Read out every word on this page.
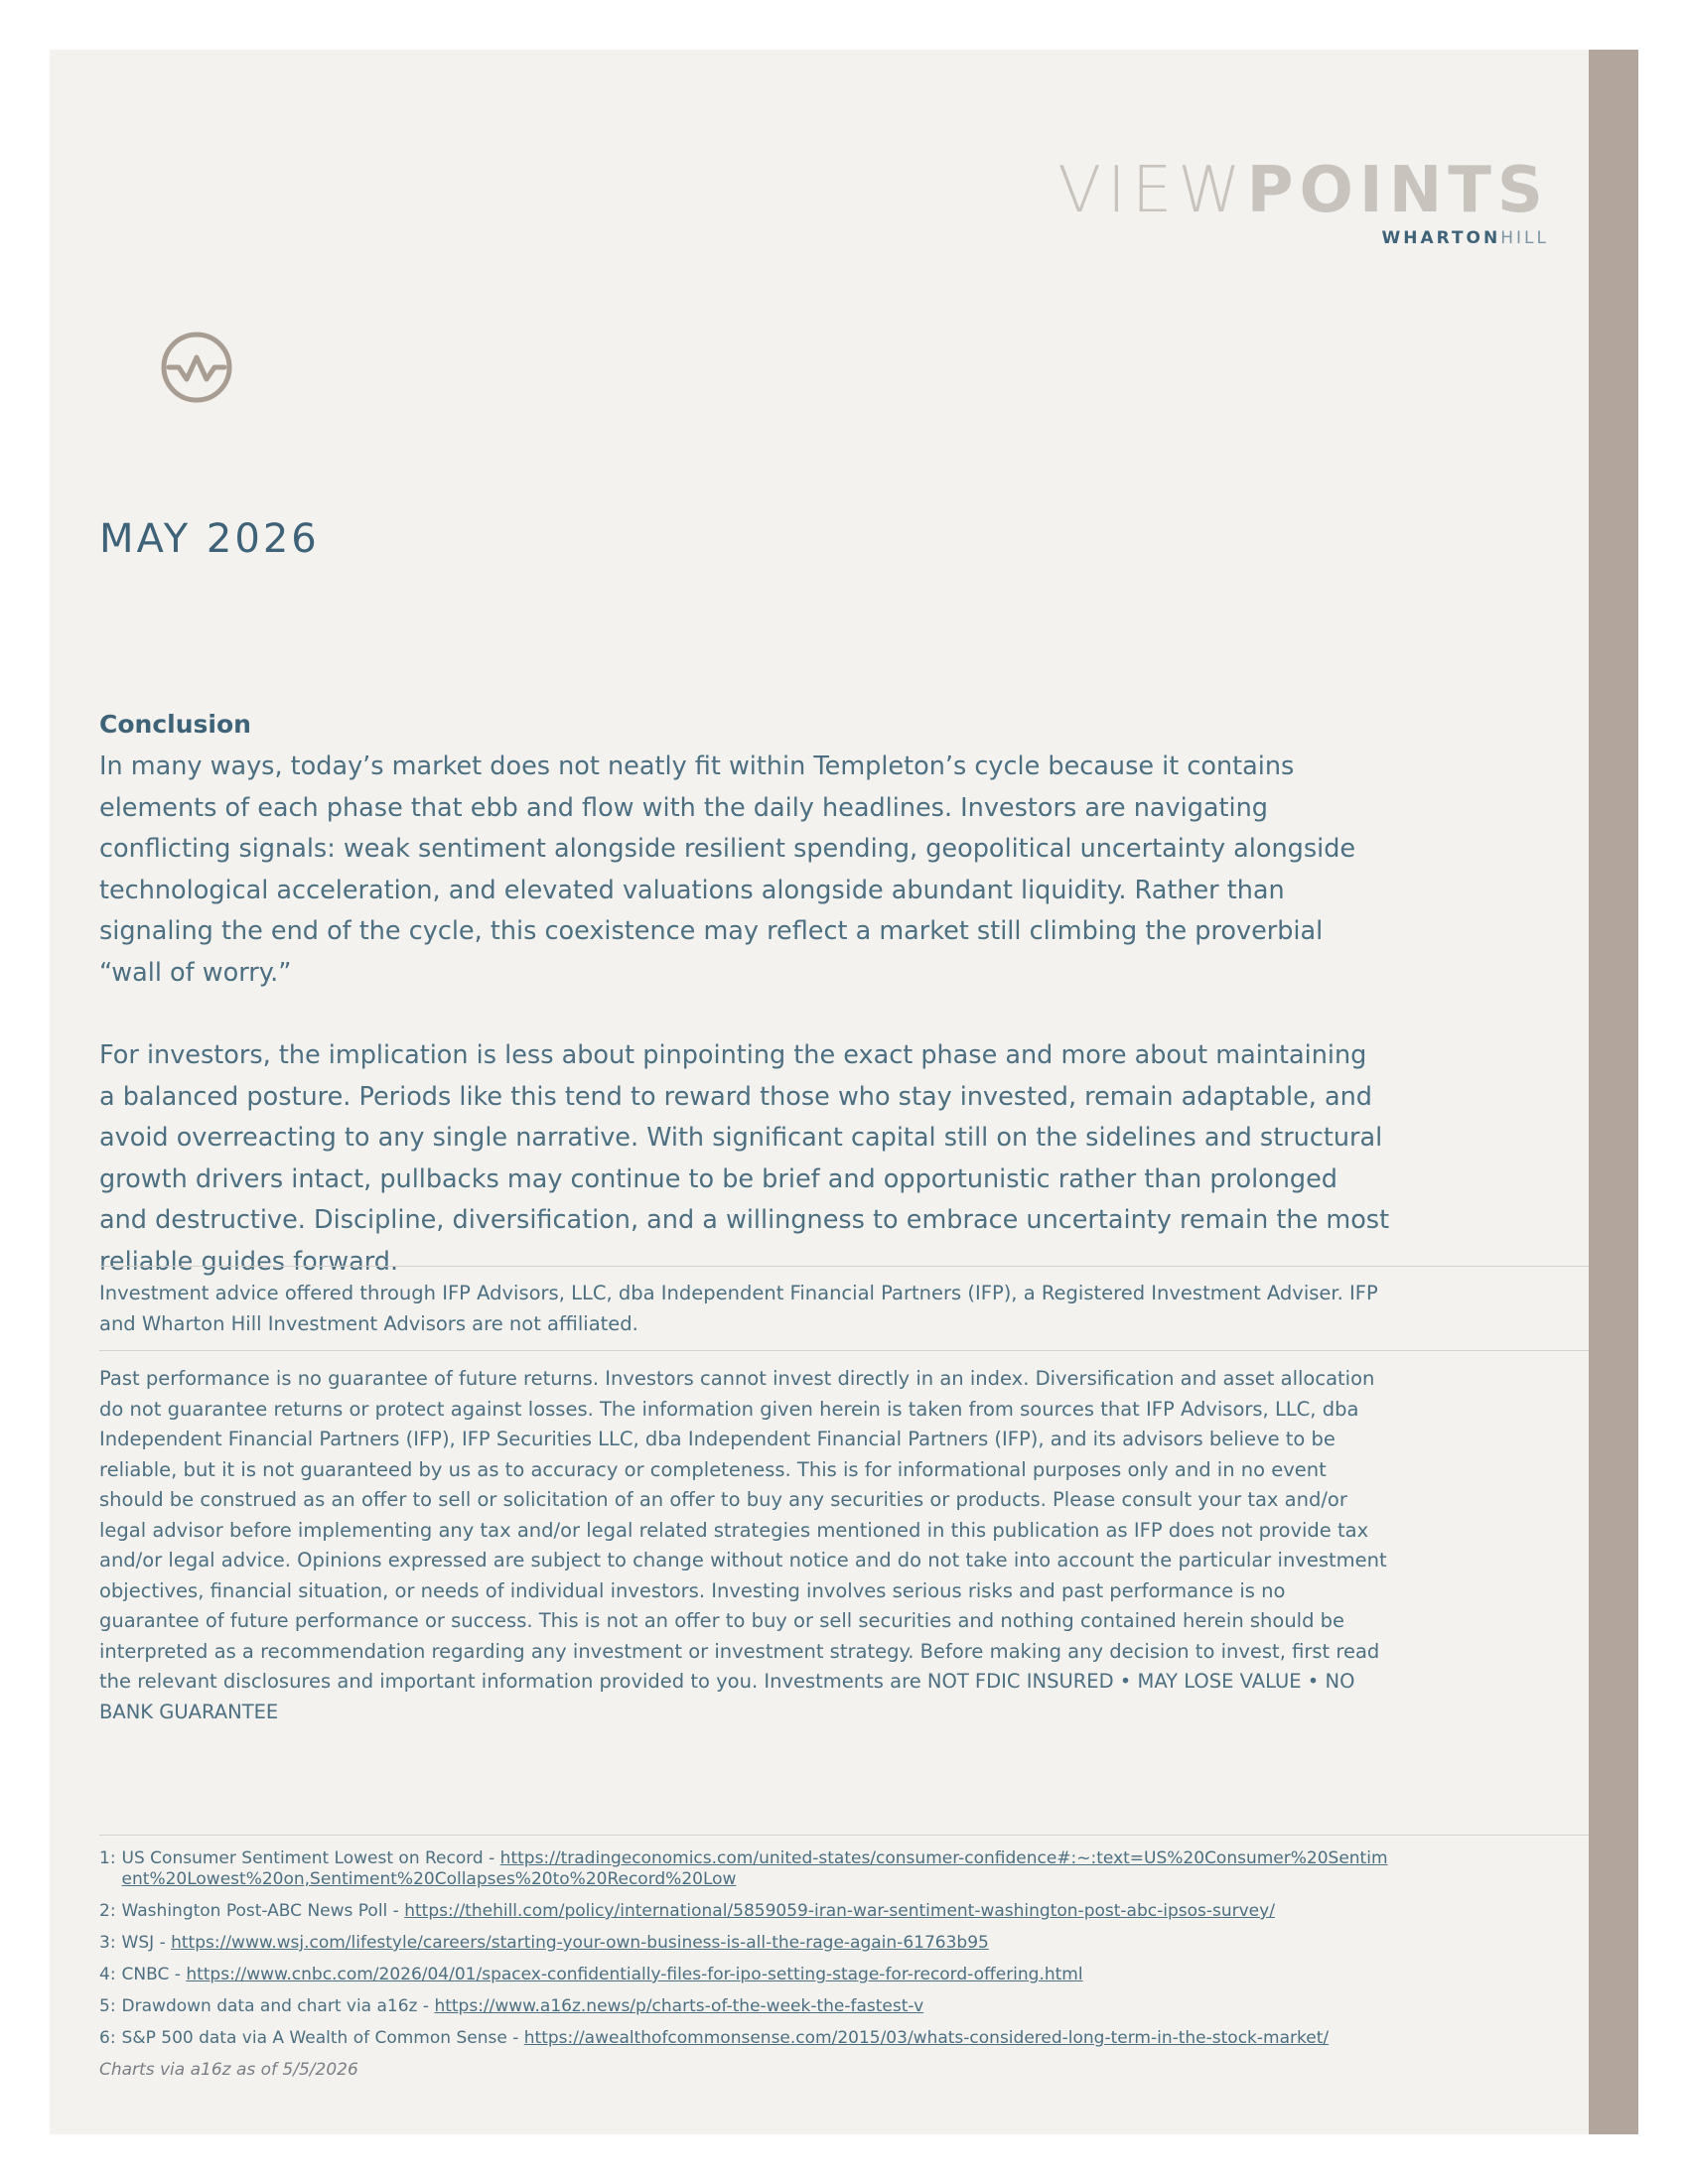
VIEWPOINTS
WHARTONHILL
MAY 2026
Conclusion

In many ways, today’s market does not neatly fit within Templeton’s cycle because it contains elements of each phase that ebb and flow with the daily headlines. Investors are navigating conflicting signals: weak sentiment alongside resilient spending, geopolitical uncertainty alongside technological acceleration, and elevated valuations alongside abundant liquidity. Rather than signaling the end of the cycle, this coexistence may reflect a market still climbing the proverbial “wall of worry.”

For investors, the implication is less about pinpointing the exact phase and more about maintaining a balanced posture. Periods like this tend to reward those who stay invested, remain adaptable, and avoid overreacting to any single narrative. With significant capital still on the sidelines and structural growth drivers intact, pullbacks may continue to be brief and opportunistic rather than prolonged and destructive. Discipline, diversification, and a willingness to embrace uncertainty remain the most reliable guides forward.

Investment advice offered through IFP Advisors, LLC, dba Independent Financial Partners (IFP), a Registered Investment Adviser. IFP and Wharton Hill Investment Advisors are not affiliated.

Past performance is no guarantee of future returns. Investors cannot invest directly in an index. Diversification and asset allocation do not guarantee returns or protect against losses. The information given herein is taken from sources that IFP Advisors, LLC, dba Independent Financial Partners (IFP), IFP Securities LLC, dba Independent Financial Partners (IFP), and its advisors believe to be reliable, but it is not guaranteed by us as to accuracy or completeness. This is for informational purposes only and in no event should be construed as an offer to sell or solicitation of an offer to buy any securities or products. Please consult your tax and/or legal advisor before implementing any tax and/or legal related strategies mentioned in this publication as IFP does not provide tax and/or legal advice. Opinions expressed are subject to change without notice and do not take into account the particular investment objectives, financial situation, or needs of individual investors. Investing involves serious risks and past performance is no guarantee of future performance or success. This is not an offer to buy or sell securities and nothing contained herein should be interpreted as a recommendation regarding any investment or investment strategy. Before making any decision to invest, first read the relevant disclosures and important information provided to you. Investments are NOT FDIC INSURED • MAY LOSE VALUE • NO BANK GUARANTEE

1: US Consumer Sentiment Lowest on Record - https://tradingeconomics.com/united-states/consumer-confidence#:~:text=US%20Consumer%20Sentiment%20Lowest%20on,Sentiment%20Collapses%20to%20Record%20Low
2: Washington Post-ABC News Poll - https://thehill.com/policy/international/5859059-iran-war-sentiment-washington-post-abc-ipsos-survey/
3: WSJ - https://www.wsj.com/lifestyle/careers/starting-your-own-business-is-all-the-rage-again-61763b95
4: CNBC - https://www.cnbc.com/2026/04/01/spacex-confidentially-files-for-ipo-setting-stage-for-record-offering.html
5: Drawdown data and chart via a16z - https://www.a16z.news/p/charts-of-the-week-the-fastest-v
6: S&P 500 data via A Wealth of Common Sense - https://awealthofcommonsense.com/2015/03/whats-considered-long-term-in-the-stock-market/
Charts via a16z as of 5/5/2026
